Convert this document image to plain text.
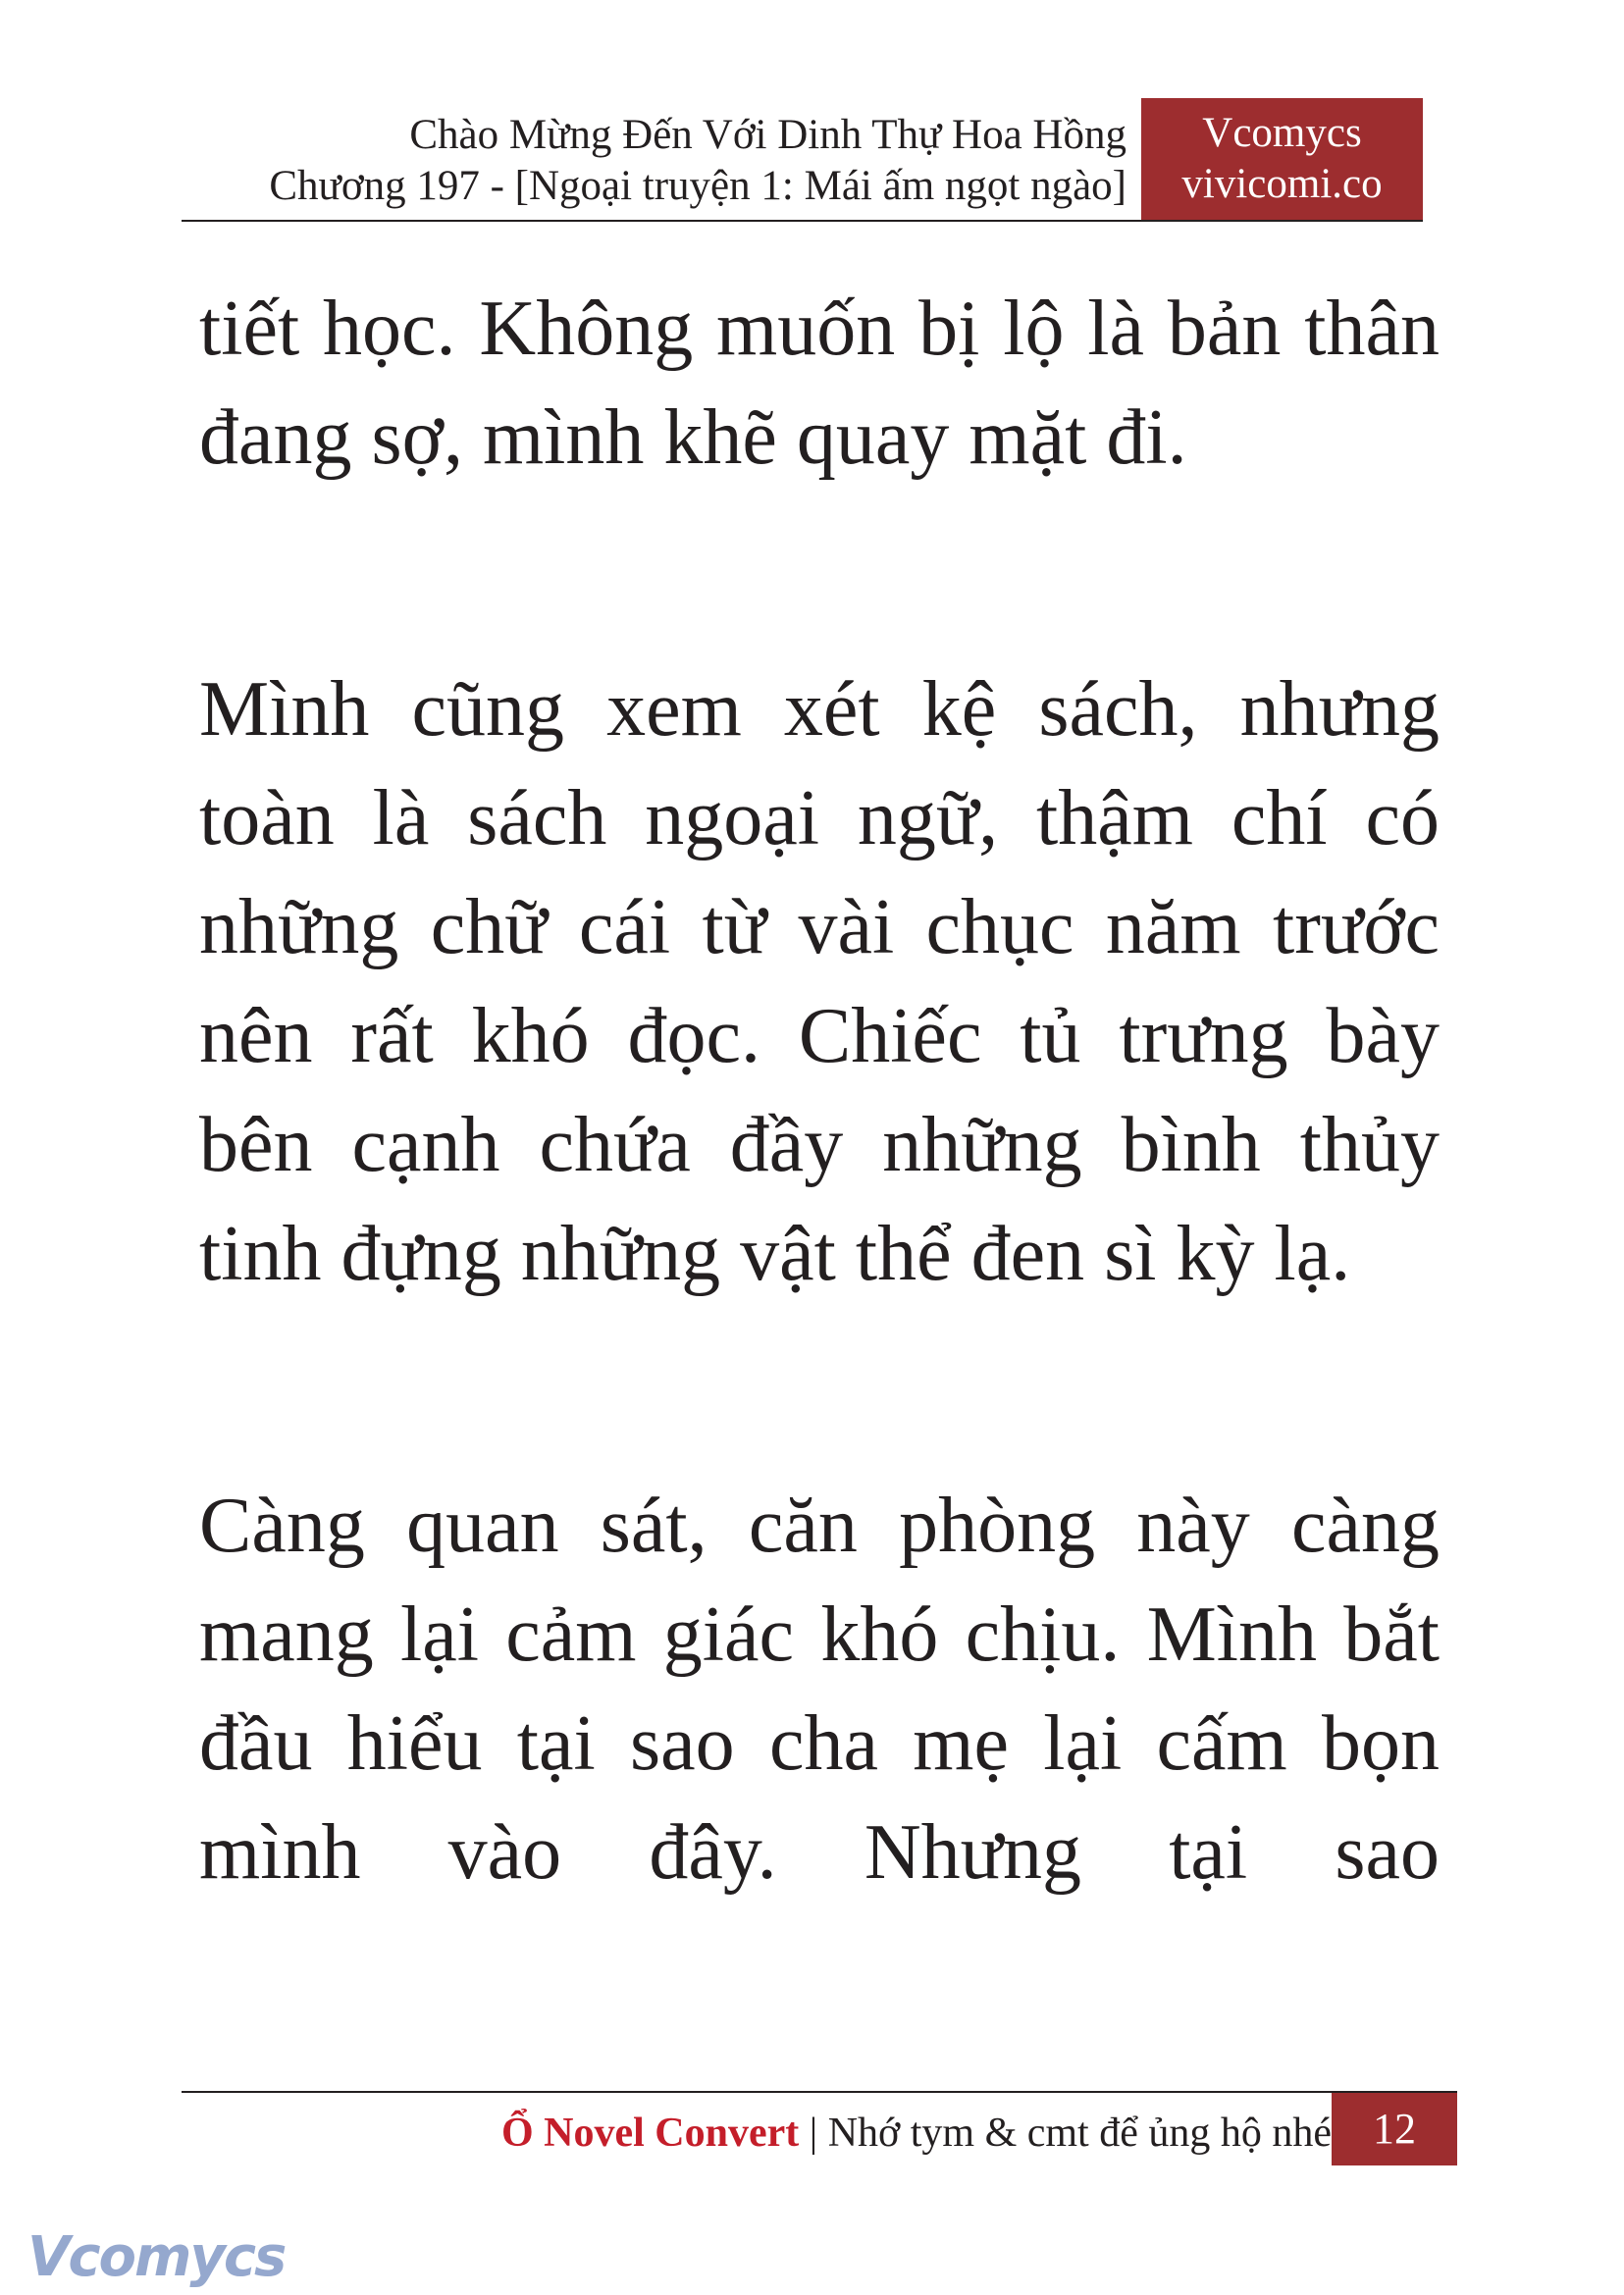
Chào Mừng Đến Với Dinh Thự Hoa Hồng
Chương 197 - [Ngoại truyện 1: Mái ấm ngọt ngào]
Vcomycs
vivicomi.co

tiết học. Không muốn bị lộ là bản thân đang sợ, mình khẽ quay mặt đi.

Mình cũng xem xét kệ sách, nhưng toàn là sách ngoại ngữ, thậm chí có những chữ cái từ vài chục năm trước nên rất khó đọc. Chiếc tủ trưng bày bên cạnh chứa đầy những bình thủy tinh đựng những vật thể đen sì kỳ lạ.

Càng quan sát, căn phòng này càng mang lại cảm giác khó chịu. Mình bắt đầu hiểu tại sao cha mẹ lại cấm bọn mình vào đây. Nhưng tại sao

Ổ Novel Convert | Nhớ tym & cmt để ủng hộ nhé 12
Vcomycs
